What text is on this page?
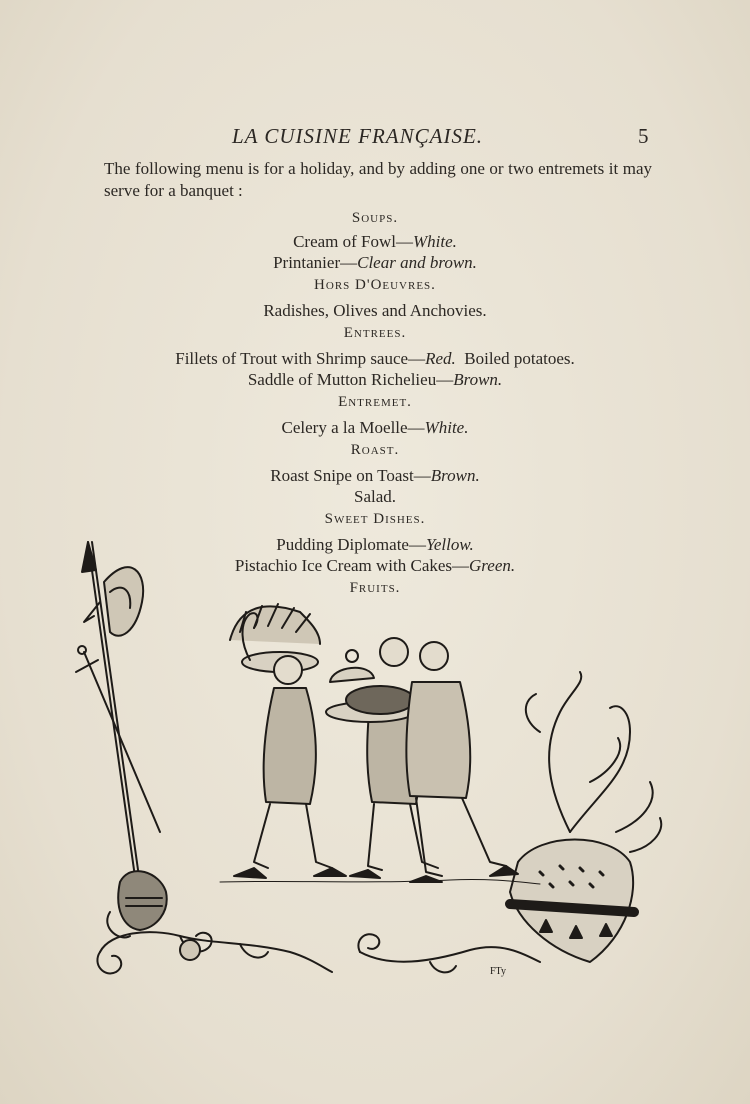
LA CUISINE FRANÇAISE.	5

The following menu is for a holiday, and by adding one or two entremets it may serve for a banquet :

Soups.
Cream of Fowl—White.
Printanier—Clear and brown.
Hors D'Oeuvres.
Radishes, Olives and Anchovies.
Entrees.
Fillets of Trout with Shrimp sauce—Red. Boiled potatoes.
Saddle of Mutton Richelieu—Brown.
Entremet.
Celery a la Moelle—White.
Roast.
Roast Snipe on Toast—Brown.
Salad.
Sweet Dishes.
Pudding Diplomate—Yellow.
Pistachio Ice Cream with Cakes—Green.
Fruits.
FTy
